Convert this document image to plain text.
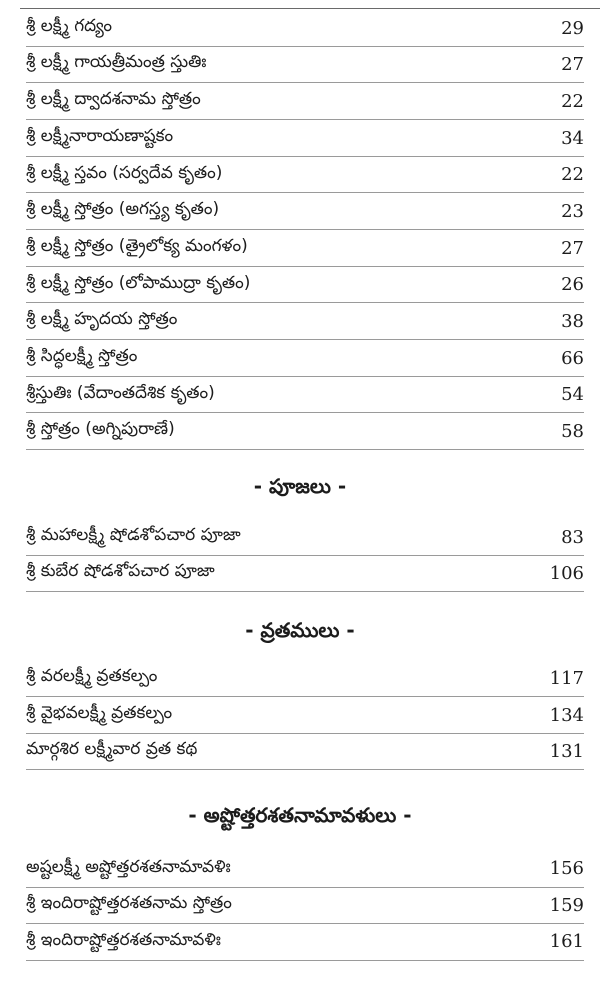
శ్రీ లక్ష్మీ గద్యం	29
శ్రీ లక్ష్మీ గాయత్రీమంత్ర స్తుతిః	27
శ్రీ లక్ష్మీ ద్వాదశనామ స్తోత్రం	22
శ్రీ లక్ష్మీనారాయణాష్టకం	34
శ్రీ లక్ష్మీ స్తవం (సర్వదేవ కృతం)	22
శ్రీ లక్ష్మీ స్తోత్రం (అగస్త్య కృతం)	23
శ్రీ లక్ష్మీ స్తోత్రం (త్రైలోక్య మంగళం)	27
శ్రీ లక్ష్మీ స్తోత్రం (లోపాముద్రా కృతం)	26
శ్రీ లక్ష్మీ హృదయ స్తోత్రం	38
శ్రీ సిద్ధలక్ష్మీ స్తోత్రం	66
శ్రీస్తుతిః (వేదాంతదేశిక కృతం)	54
శ్రీ స్తోత్రం (అగ్నిపురాణే)	58
- పూజలు -
శ్రీ మహాలక్ష్మీ షోడశోపచార పూజా	83
శ్రీ కుబేర షోడశోపచార పూజా	106
- వ్రతములు -
శ్రీ వరలక్ష్మీ వ్రతకల్పం	117
శ్రీ వైభవలక్ష్మీ వ్రతకల్పం	134
మార్గశిర లక్ష్మీవార వ్రత కథ	131
- అష్టోత్తరశతనామావళులు -
అష్టలక్ష్మీ అష్టోత్తరశతనామావళిః	156
శ్రీ ఇందిరాష్టోత్తరశతనామ స్తోత్రం	159
శ్రీ ఇందిరాష్టోత్తరశతనామావళిః	161
